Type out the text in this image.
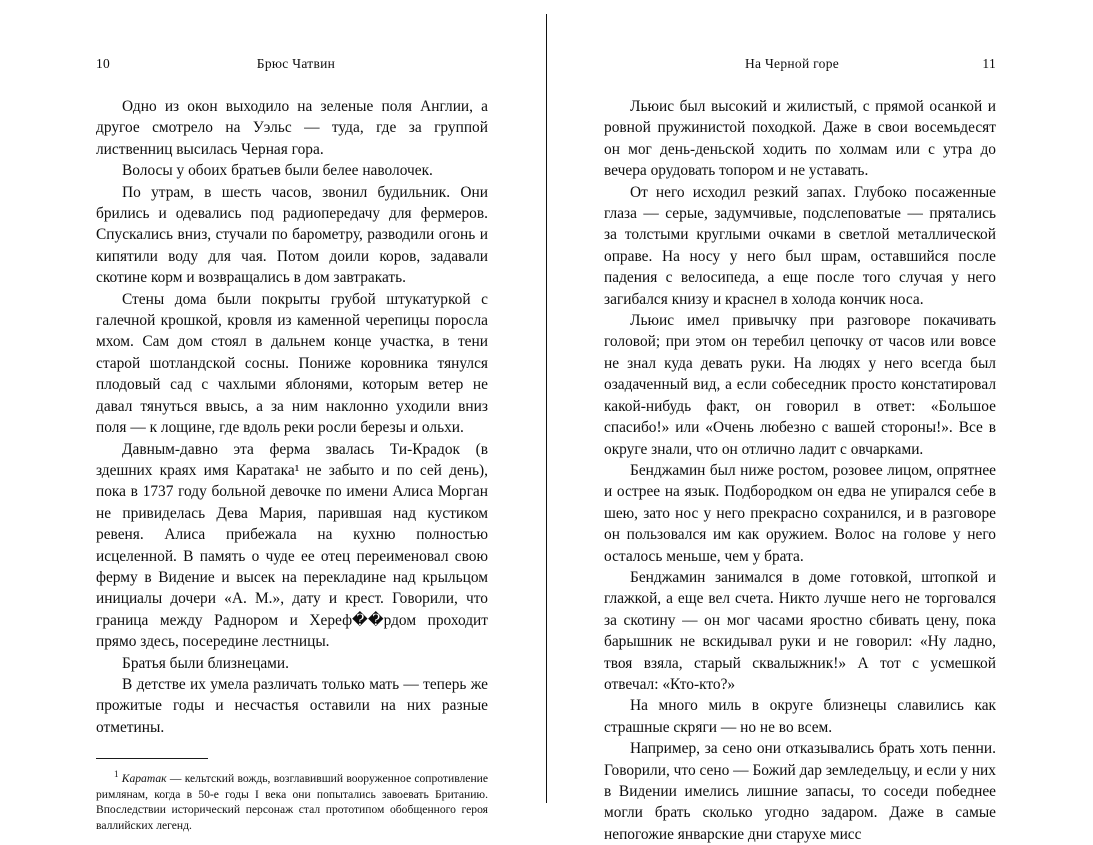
10	Брюс Чатвин

Одно из окон выходило на зеленые поля Англии, а другое смотрело на Уэльс — туда, где за группой лиственниц высилась Черная гора.

Волосы у обоих братьев были белее наволочек.

По утрам, в шесть часов, звонил будильник. Они брились и одевались под радиопередачу для фермеров. Спускались вниз, стучали по барометру, разводили огонь и кипятили воду для чая. Потом доили коров, задавали скотине корм и возвращались в дом завтракать.

Стены дома были покрыты грубой штукатуркой с галечной крошкой, кровля из каменной черепицы поросла мхом. Сам дом стоял в дальнем конце участка, в тени старой шотландской сосны. Пониже коровника тянулся плодовый сад с чахлыми яблонями, которым ветер не давал тянуться ввысь, а за ним наклонно уходили вниз поля — к лощине, где вдоль реки росли березы и ольхи.

Давным-давно эта ферма звалась Ти-Крадок (в здешних краях имя Каратака¹ не забыто и по сей день), пока в 1737 году больной девочке по имени Алиса Морган не привиделась Дева Мария, парившая над кустиком ревеня. Алиса прибежала на кухню полностью исцеленной. В память о чуде ее отец переименовал свою ферму в Видение и высек на перекладине над крыльцом инициалы дочери «А. М.», дату и крест. Говорили, что граница между Раднором и Хереф��рдом проходит прямо здесь, посередине лестницы.

Братья были близнецами.

В детстве их умела различать только мать — теперь же прожитые годы и несчастья оставили на них разные отметины.

$^1$ Каратак — кельтский вождь, возглавивший вооруженное сопротивление римлянам, когда в 50-е годы I века они попытались завоевать Британию. Впоследствии исторический персонаж стал прототипом обобщенного героя валлийских легенд.

На Черной горе	11

Льюис был высокий и жилистый, с прямой осанкой и ровной пружинистой походкой. Даже в свои восемьдесят он мог день-деньской ходить по холмам или с утра до вечера орудовать топором и не уставать.

От него исходил резкий запах. Глубоко посаженные глаза — серые, задумчивые, подслеповатые — прятались за толстыми круглыми очками в светлой металлической оправе. На носу у него был шрам, оставшийся после падения с велосипеда, а еще после того случая у него загибался книзу и краснел в холода кончик носа.

Льюис имел привычку при разговоре покачивать головой; при этом он теребил цепочку от часов или вовсе не знал куда девать руки. На людях у него всегда был озадаченный вид, а если собеседник просто констатировал какой-нибудь факт, он говорил в ответ: «Большое спасибо!» или «Очень любезно с вашей стороны!». Все в округе знали, что он отлично ладит с овчарками.

Бенджамин был ниже ростом, розовее лицом, опрятнее и острее на язык. Подбородком он едва не упирался себе в шею, зато нос у него прекрасно сохранился, и в разговоре он пользовался им как оружием. Волос на голове у него осталось меньше, чем у брата.

Бенджамин занимался в доме готовкой, штопкой и глажкой, а еще вел счета. Никто лучше него не торговался за скотину — он мог часами яростно сбивать цену, пока барышник не вскидывал руки и не говорил: «Ну ладно, твоя взяла, старый сквалыжник!» А тот с усмешкой отвечал: «Кто-кто?»

На много миль в округе близнецы славились как страшные скряги — но не во всем.

Например, за сено они отказывались брать хоть пенни. Говорили, что сено — Божий дар земледельцу, и если у них в Видении имелись лишние запасы, то соседи победнее могли брать сколько угодно задаром. Даже в самые непогожие январские дни старухе мисс
